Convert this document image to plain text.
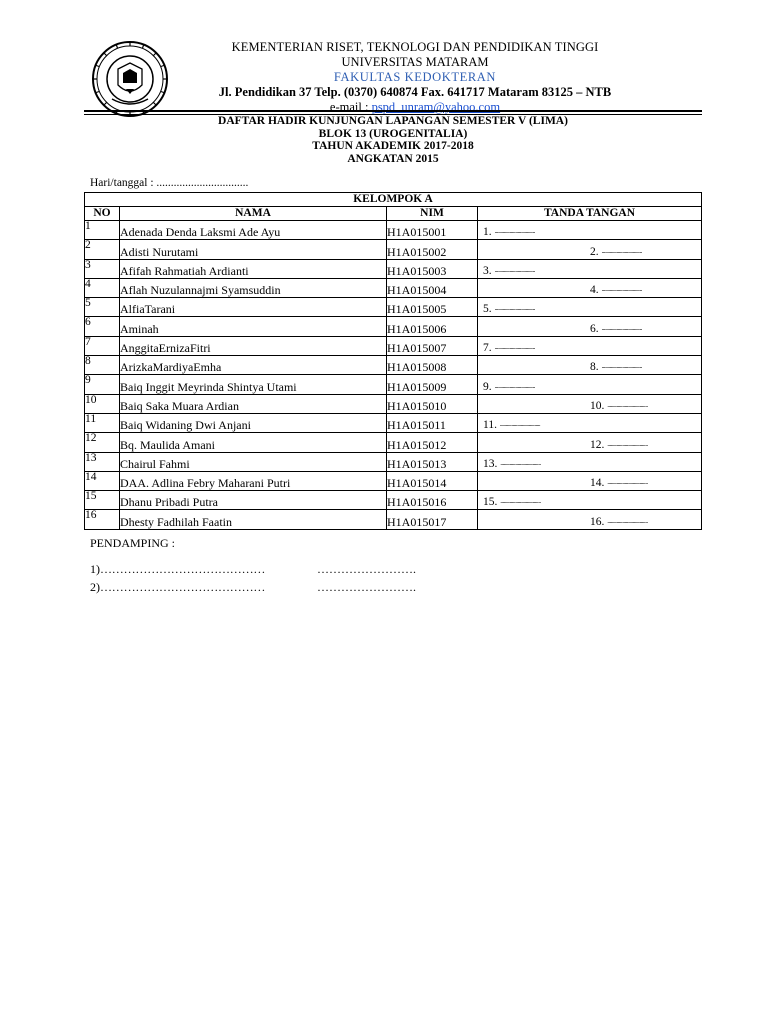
KEMENTERIAN RISET, TEKNOLOGI DAN PENDIDIKAN TINGGI
UNIVERSITAS MATARAM
FAKULTAS KEDOKTERAN
Jl. Pendidikan 37 Telp. (0370) 640874 Fax. 641717 Mataram 83125 – NTB
e-mail : pspd_unram@yahoo.com
DAFTAR HADIR KUNJUNGAN LAPANGAN SEMESTER V (LIMA)
BLOK 13 (UROGENITALIA)
TAHUN AKADEMIK 2017-2018
ANGKATAN 2015
Hari/tanggal : ................................
KELOMPOK A			
NO	NAMA	NIM	TANDA TANGAN
1	Adenada Denda Laksmi Ade Ayu	H1A015001	1. ...................................

2	Adisti Nurutami	H1A015002	2. ...................................

3	Afifah Rahmatiah Ardianti	H1A015003	3. ...................................

4	Aflah Nuzulannajmi Syamsuddin	H1A015004	4. ...................................

5	AlfiaTarani	H1A015005	5. ...................................

6	Aminah	H1A015006	6. ...................................

7	AnggitaErnizaFitri	H1A015007	7. ...................................

8	ArizkaMardiyaEmha	H1A015008	8. ...................................

9	Baiq Inggit Meyrinda Shintya Utami	H1A015009	9. ...................................

10	Baiq Saka Muara Ardian	H1A015010	10. ...................................

11	Baiq Widaning Dwi Anjani	H1A015011	11. ...................................

12	Bq. Maulida Amani	H1A015012	12. ...................................

13	Chairul Fahmi	H1A015013	13. ...................................

14	DAA. Adlina Febry Maharani Putri	H1A015014	14. ...................................

15	Dhanu Pribadi Putra	H1A015016	15. ...................................

16	Dhesty Fadhilah Faatin	H1A015017	16. ...................................
PENDAMPING :
1)……………………………………	…………………….
2)……………………………………	…………………….
